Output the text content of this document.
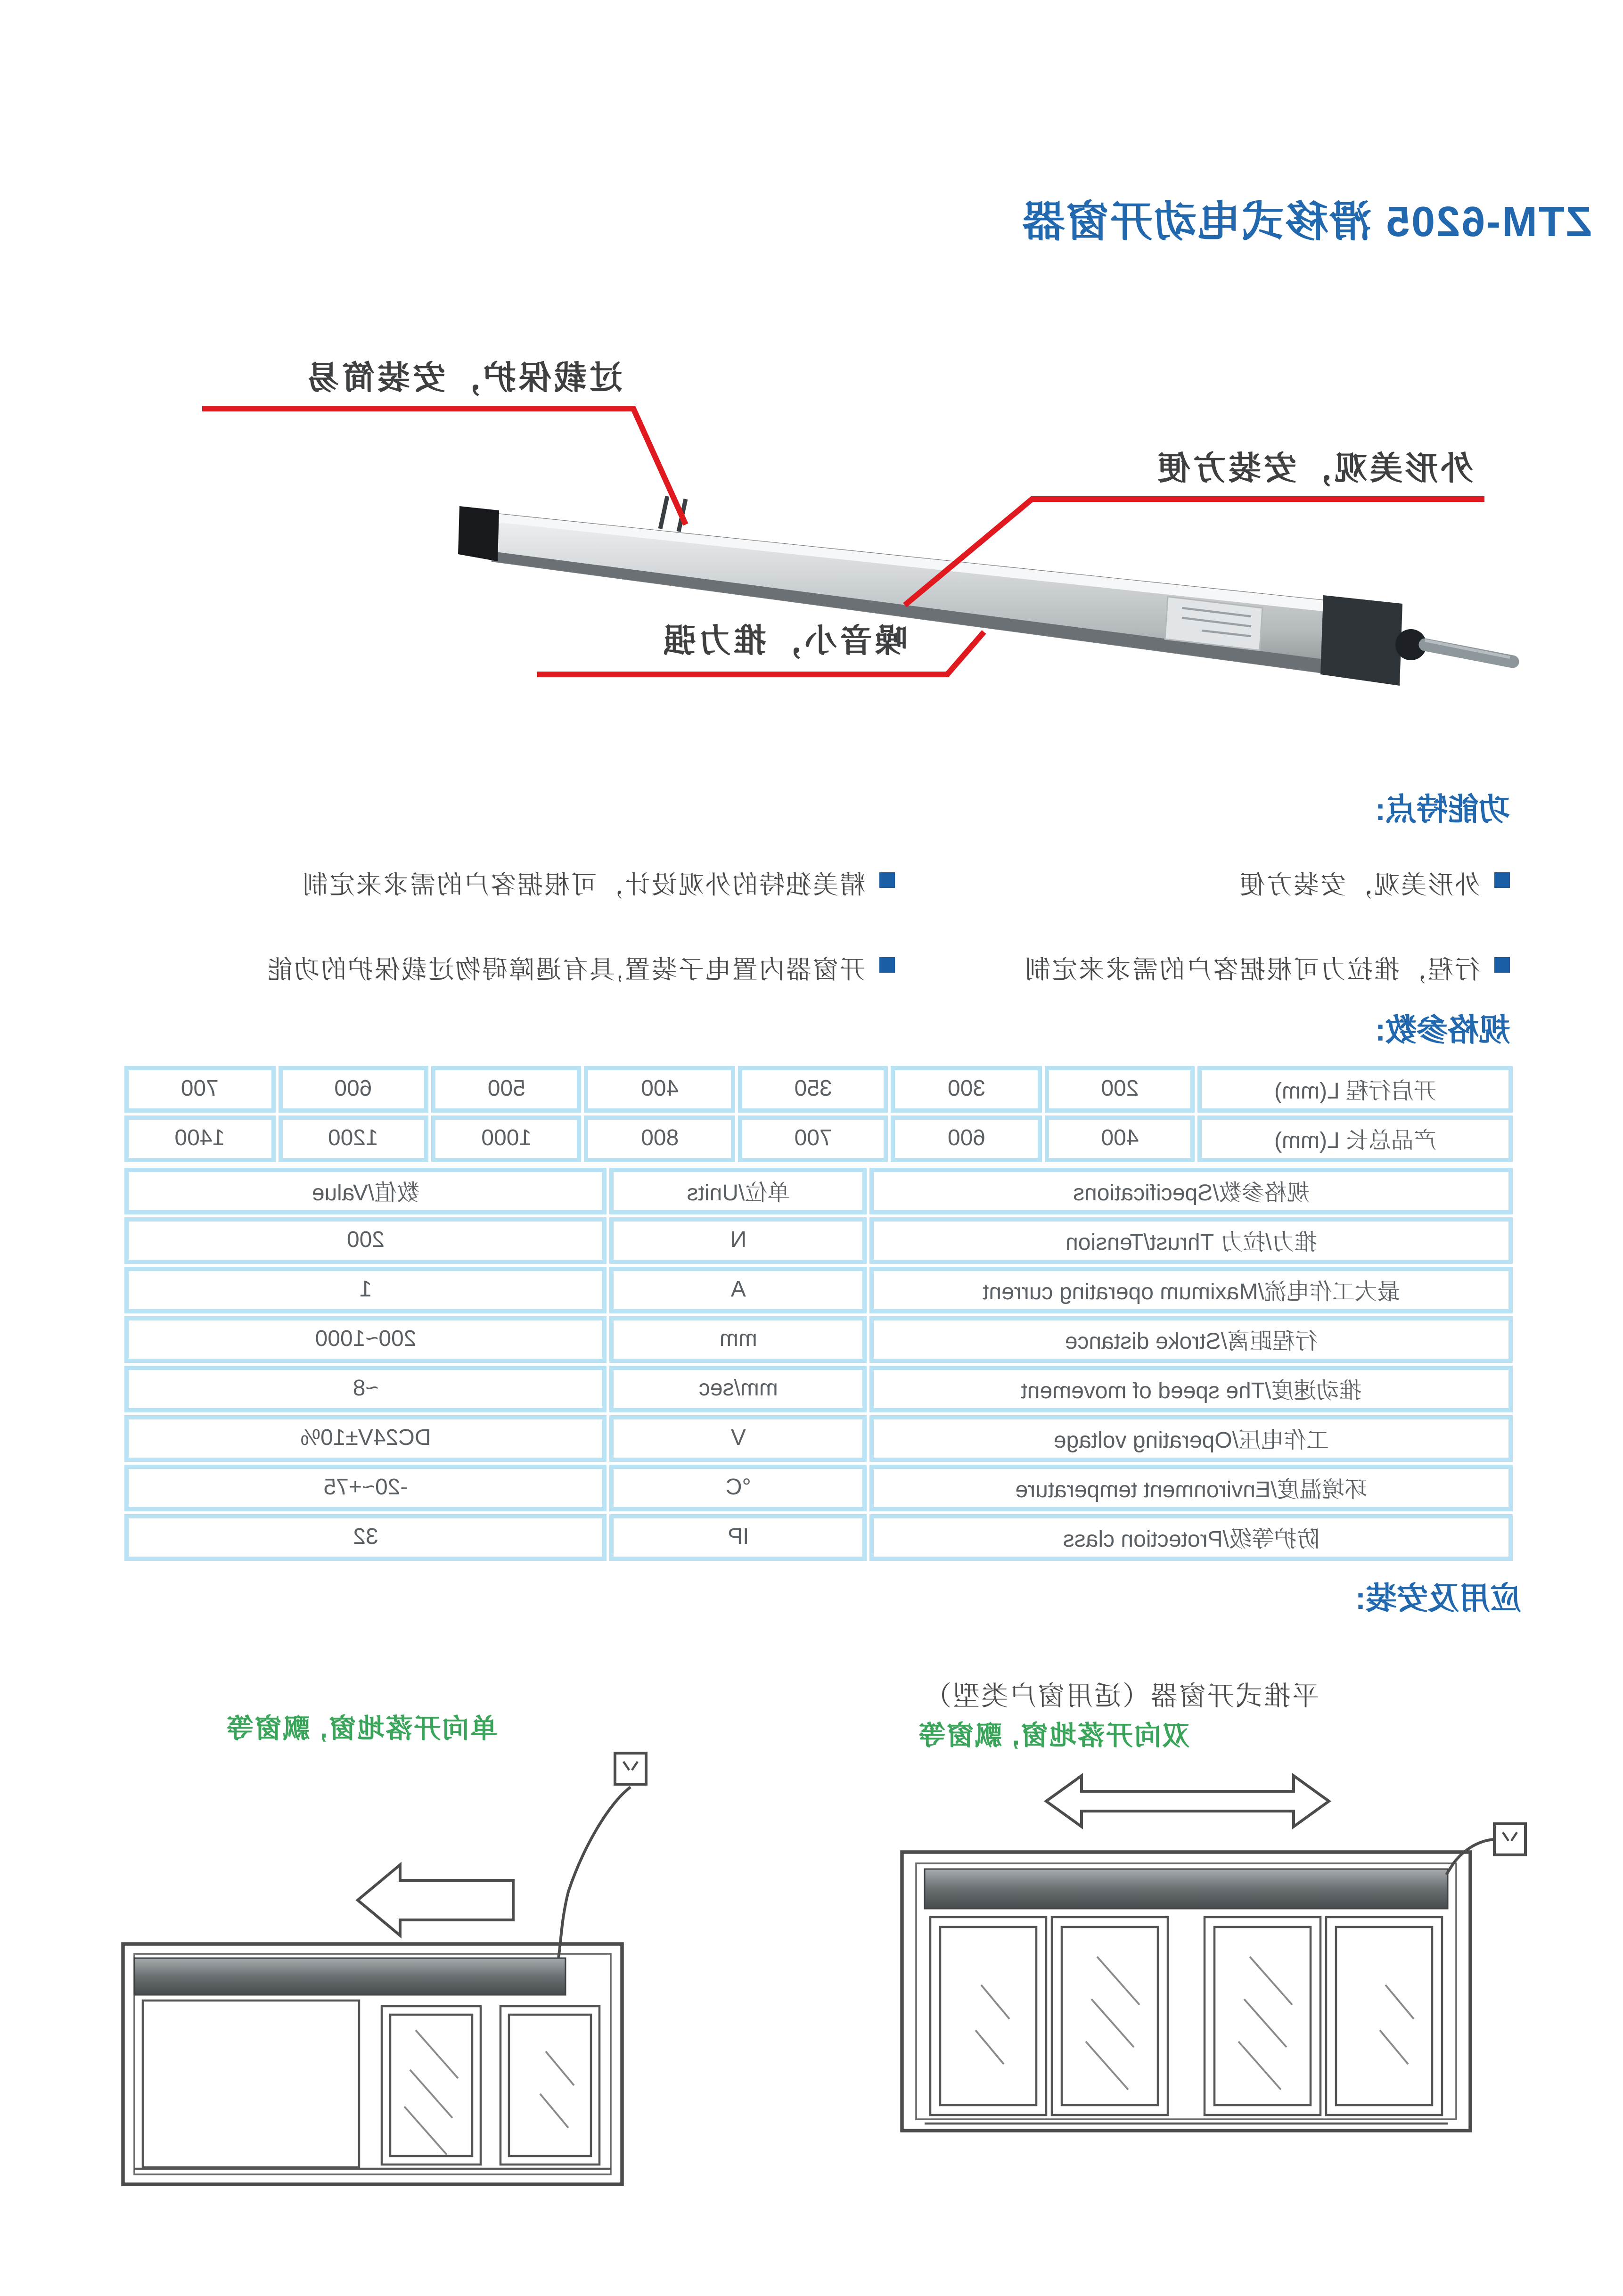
ZTM-6205 滑移式电动开窗器
过载保护，安装简易
外形美观，安装方便
噪音小，推力强
功能特点:
外形美观，安装方便
行程，推拉力可根据客户的需求来定制
精美独特的外观设计，可根据客户的需求来定制
开窗器内置电子装置,具有遇障碍物过载保护的功能
规格参数:
开启行程 L(mm)	200	300	350	400	500	600	700
产品总长 L(mm)	400	600	700	800	1000	1200	1400
规格参数/Specifications	单位/Units	数值/Value
推力/拉力 Thrust/Tension	N	200
最大工作电流/Maximum operating current	A	1
行程距离/Stroke distance	mm	200~1000
推动速度/The speed of movement	mm/sec	~8
工作电压/Operating voltage	V	DC24V±10%
环境温度/Environment temperature	°C	-20~+75
防护等级/Protection class	IP	32
应用及安装:
平推式开窗器（适用窗户类型）
双向开落地窗, 飘窗等
单向开落地窗, 飘窗等
